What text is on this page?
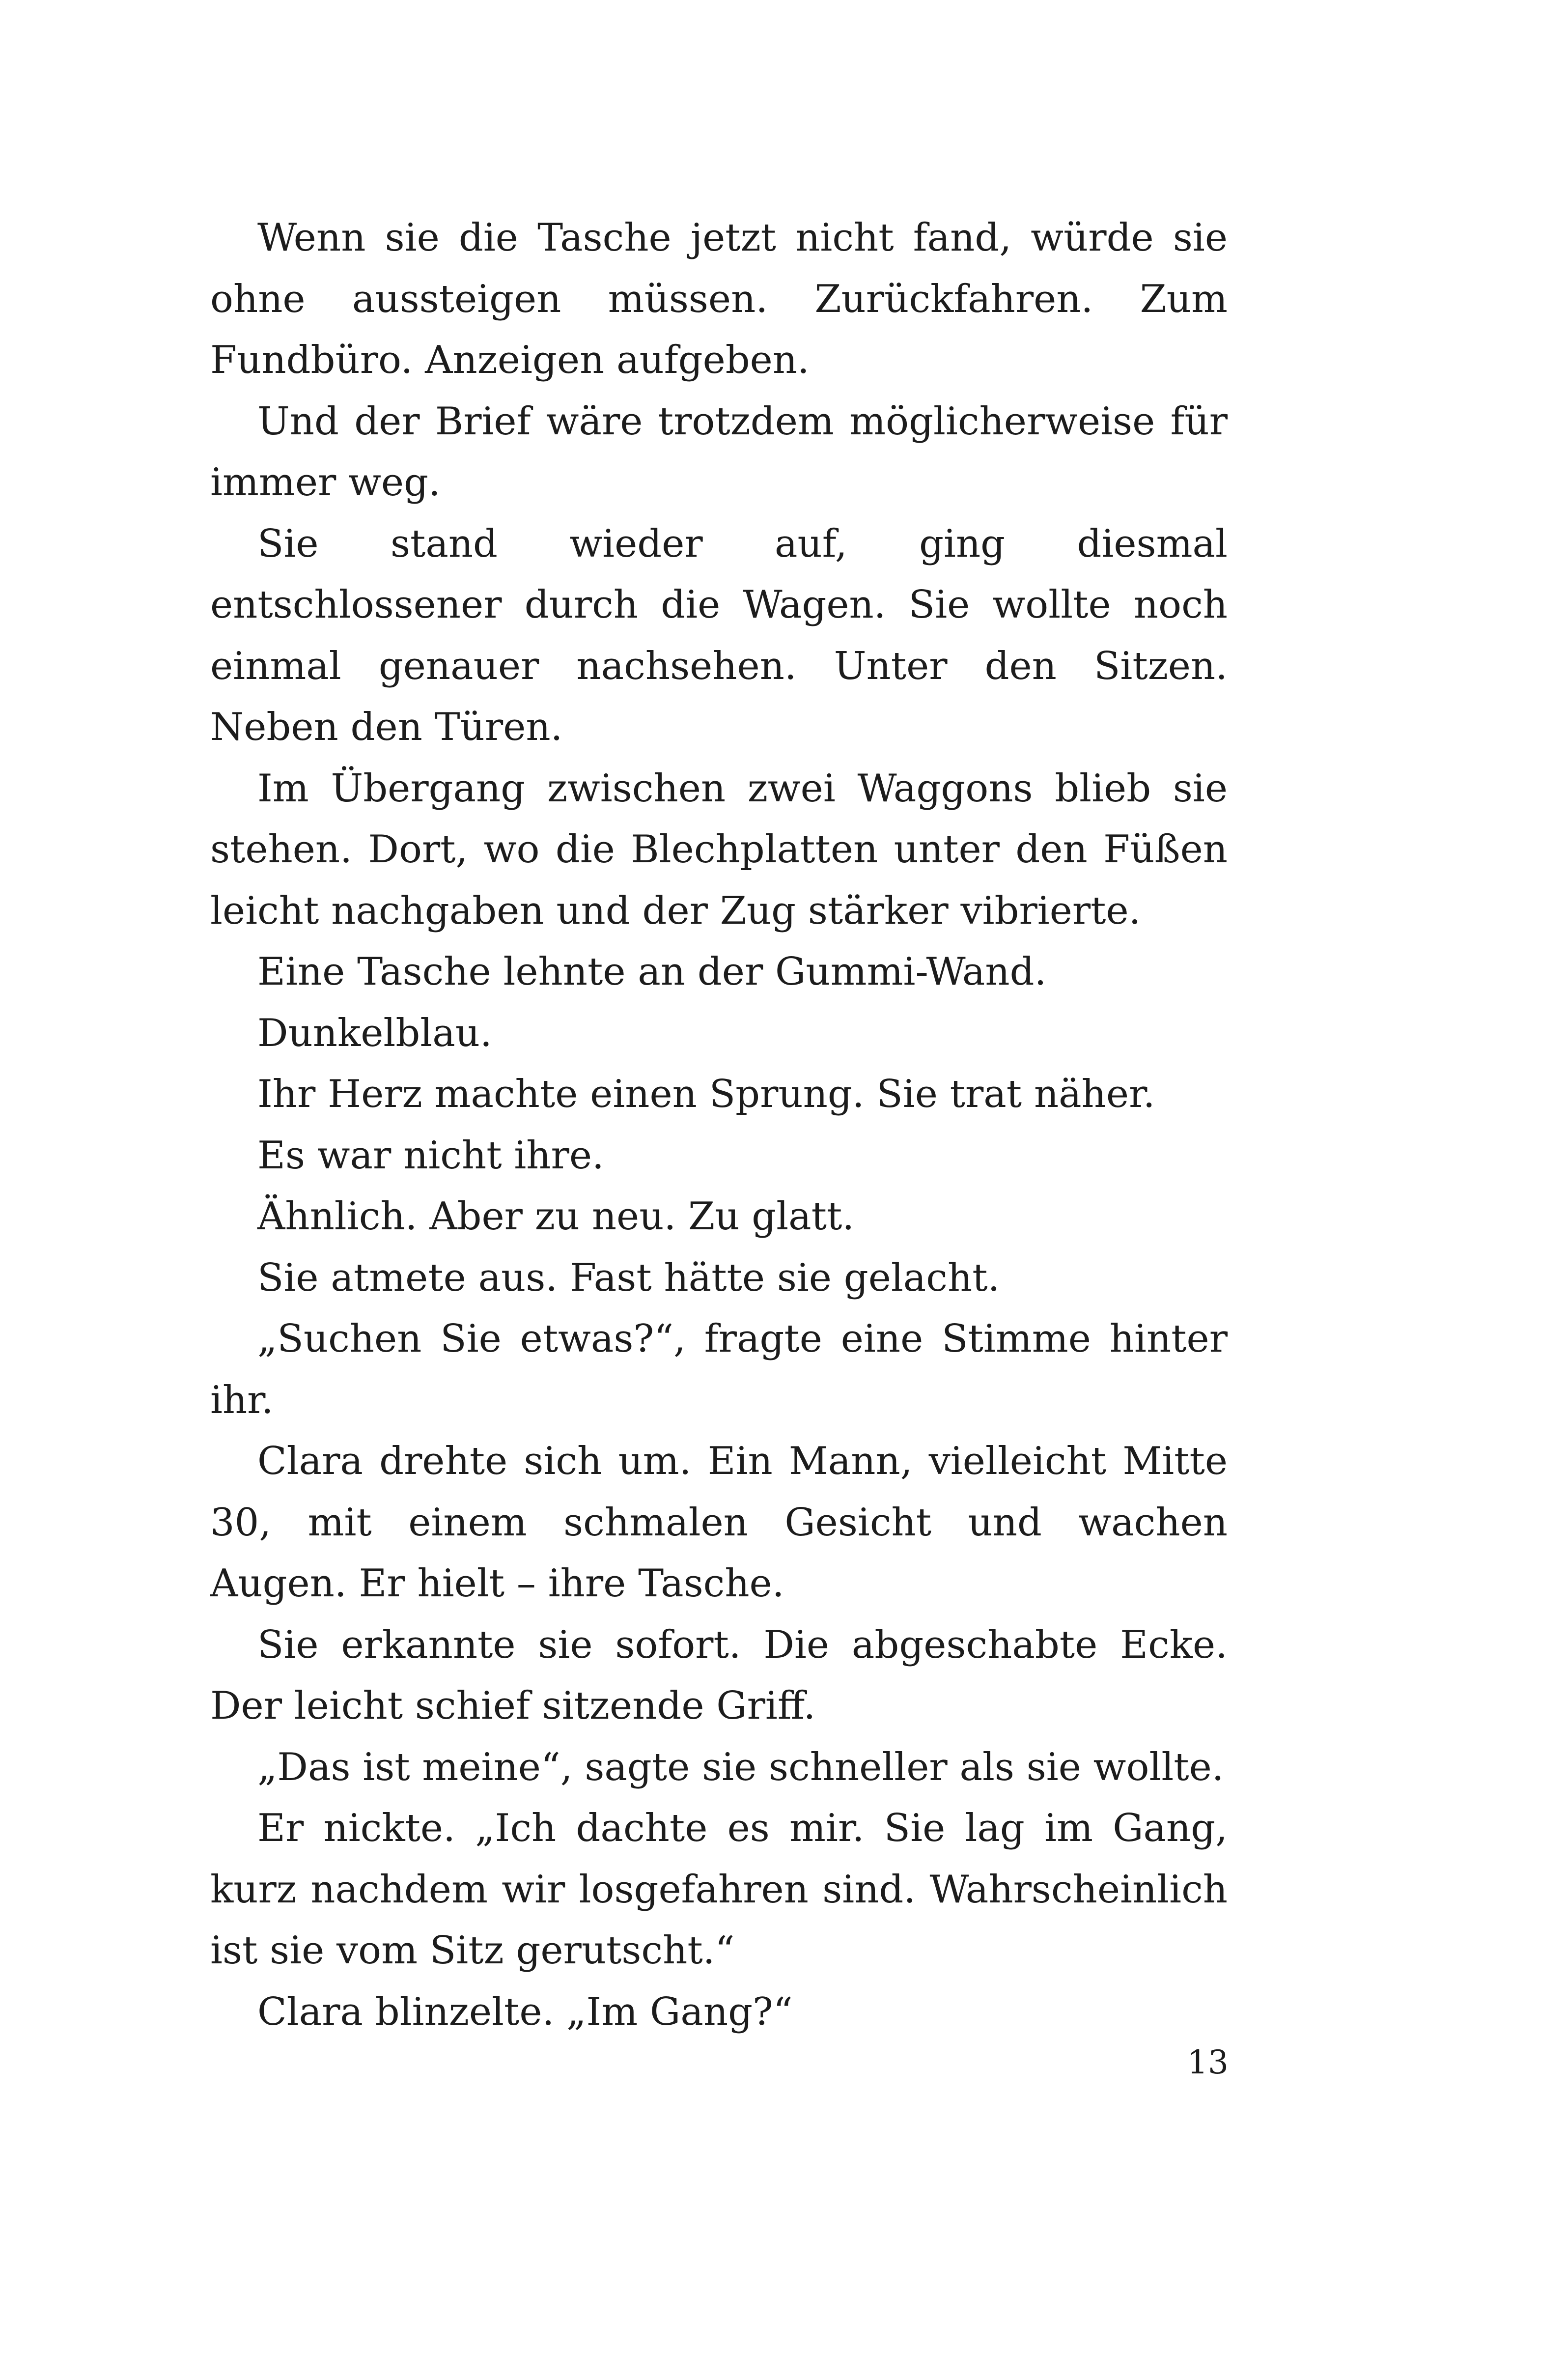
Wenn sie die Tasche jetzt nicht fand, würde sie ohne aussteigen müssen. Zurückfahren. Zum Fundbüro. Anzeigen aufgeben.

Und der Brief wäre trotzdem möglicherweise für immer weg.

Sie stand wieder auf, ging diesmal entschlossener durch die Wagen. Sie wollte noch einmal genauer nachsehen. Unter den Sitzen. Neben den Türen.

Im Übergang zwischen zwei Waggons blieb sie stehen. Dort, wo die Blechplatten unter den Füßen leicht nachgaben und der Zug stärker vibrierte.

Eine Tasche lehnte an der Gummi-Wand.

Dunkelblau.

Ihr Herz machte einen Sprung. Sie trat näher.

Es war nicht ihre.

Ähnlich. Aber zu neu. Zu glatt.

Sie atmete aus. Fast hätte sie gelacht.

„Suchen Sie etwas?“, fragte eine Stimme hinter ihr.

Clara drehte sich um. Ein Mann, vielleicht Mitte 30, mit einem schmalen Gesicht und wachen Augen. Er hielt – ihre Tasche.

Sie erkannte sie sofort. Die abgeschabte Ecke. Der leicht schief sitzende Griff.

„Das ist meine“, sagte sie schneller als sie wollte.

Er nickte. „Ich dachte es mir. Sie lag im Gang, kurz nachdem wir losgefahren sind. Wahrscheinlich ist sie vom Sitz gerutscht.“

Clara blinzelte. „Im Gang?“

13
